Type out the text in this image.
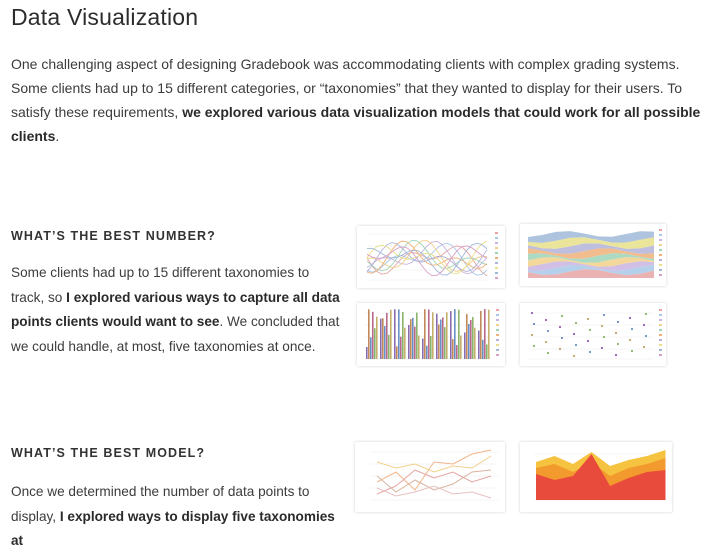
Data Visualization

One challenging aspect of designing Gradebook was accommodating clients with complex grading systems. Some clients had up to 15 different categories, or “taxonomies” that they wanted to display for their users. To satisfy these requirements, we explored various data visualization models that could work for all possible clients.

WHAT’S THE BEST NUMBER?

Some clients had up to 15 different taxonomies to track, so I explored various ways to capture all data points clients would want to see. We concluded that we could handle, at most, five taxonomies at once.

WHAT’S THE BEST MODEL?

Once we determined the number of data points to display, I explored ways to display five taxonomies at
